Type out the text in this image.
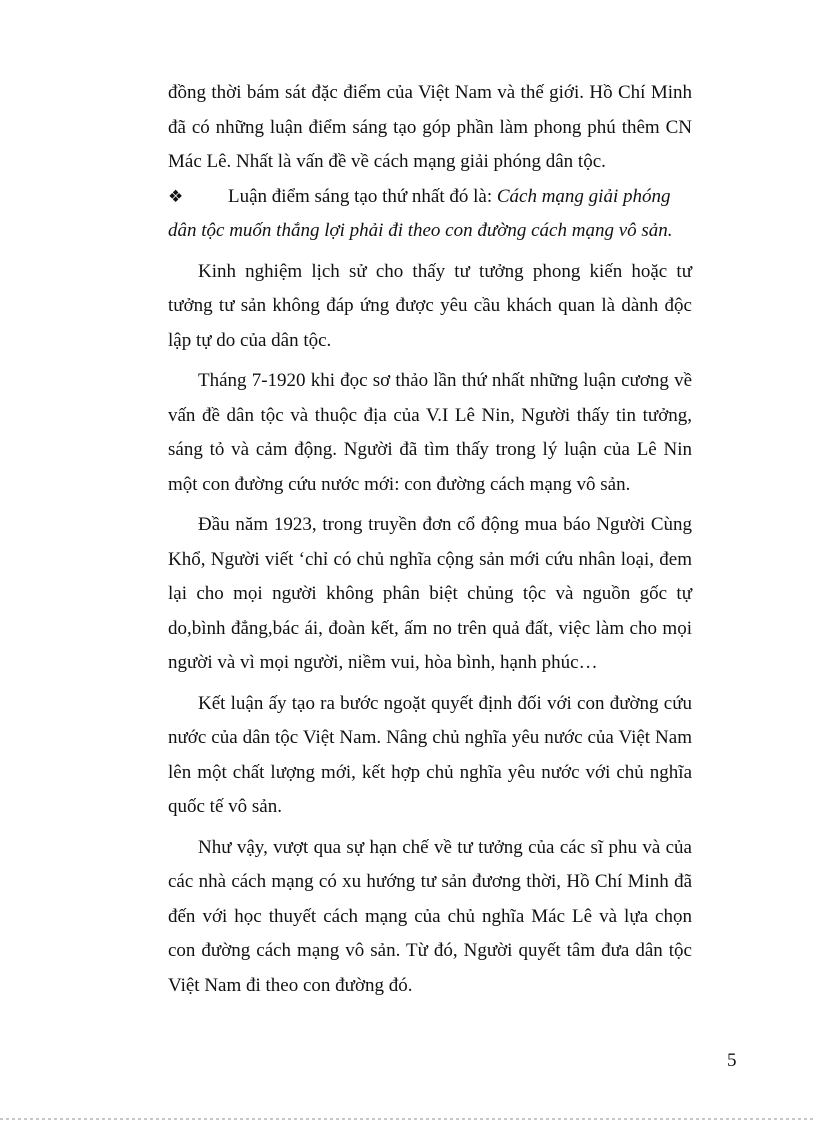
đồng thời bám sát đặc điểm của Việt Nam và thế giới. Hồ Chí Minh đã có những luận điểm sáng tạo góp phần làm phong phú thêm CN Mác Lê. Nhất là vấn đề về cách mạng giải phóng dân tộc.

❖ Luận điểm sáng tạo thứ nhất đó là: Cách mạng giải phóng

dân tộc muốn thắng lợi phải đi theo con đường cách mạng vô sản.

Kinh nghiệm lịch sử cho thấy tư tưởng phong kiến hoặc tư tưởng tư sản không đáp ứng được yêu cầu khách quan là dành độc lập tự do của dân tộc.

Tháng 7-1920 khi đọc sơ thảo lần thứ nhất những luận cương về vấn đề dân tộc và thuộc địa của V.I Lê Nin, Người thấy tin tưởng, sáng tỏ và cảm động. Người đã tìm thấy trong lý luận của Lê Nin một con đường cứu nước mới: con đường cách mạng vô sản.

Đầu năm 1923, trong truyền đơn cổ động mua báo Người Cùng Khổ, Người viết ‘chỉ có chủ nghĩa cộng sản mới cứu nhân loại, đem lại cho mọi người không phân biệt chủng tộc và nguồn gốc tự do,bình đẳng,bác ái, đoàn kết, ấm no trên quả đất, việc làm cho mọi người và vì mọi người, niềm vui, hòa bình, hạnh phúc…

Kết luận ấy tạo ra bước ngoặt quyết định đối với con đường cứu nước của dân tộc Việt Nam. Nâng chủ nghĩa yêu nước của Việt Nam lên một chất lượng mới, kết hợp chủ nghĩa yêu nước với chủ nghĩa quốc tế vô sản.

Như vậy, vượt qua sự hạn chế về tư tưởng của các sĩ phu và của các nhà cách mạng có xu hướng tư sản đương thời, Hồ Chí Minh đã đến với học thuyết cách mạng của chủ nghĩa Mác Lê và lựa chọn con đường cách mạng vô sản. Từ đó, Người quyết tâm đưa dân tộc Việt Nam đi theo con đường đó.

5
